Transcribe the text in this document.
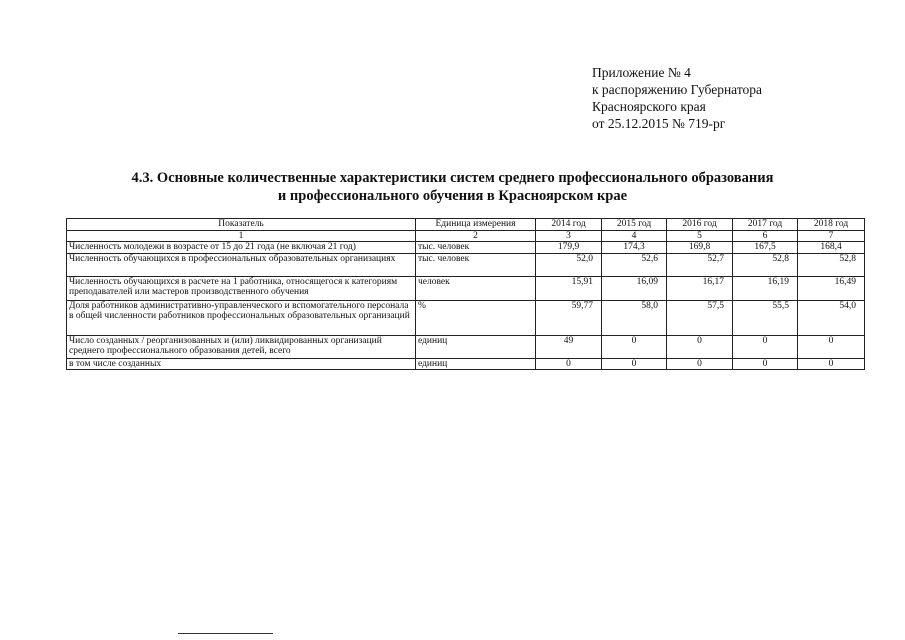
Приложение № 4
к распоряжению Губернатора
Красноярского края
от 25.12.2015 № 719-рг
4.3. Основные количественные характеристики систем среднего профессионального образования
и профессионального обучения в Красноярском крае
Показатель	Единица измерения	2014 год	2015 год	2016 год	2017 год	2018 год
1	2	3	4	5	6	7
Численность молодежи в возрасте от 15 до 21 года (не включая 21 год)	тыс. человек	179,9	174,3	169,8	167,5	168,4
Численность обучающихся в профессиональных образовательных организациях	тыс. человек	52,0	52,6	52,7	52,8	52,8
Численность обучающихся в расчете на 1 работника, относящегося к категориям преподавателей или мастеров производственного обучения	человек	15,91	16,09	16,17	16,19	16,49
Доля работников административно-управленческого и вспомогательного персонала в общей численности работников профессиональных образовательных организаций	%	59,77	58,0	57,5	55,5	54,0
Число созданных / реорганизованных и (или) ликвидированных организаций среднего профессионального образования детей, всего	единиц	49	0	0	0	0
в том числе созданных	единиц	0	0	0	0	0
